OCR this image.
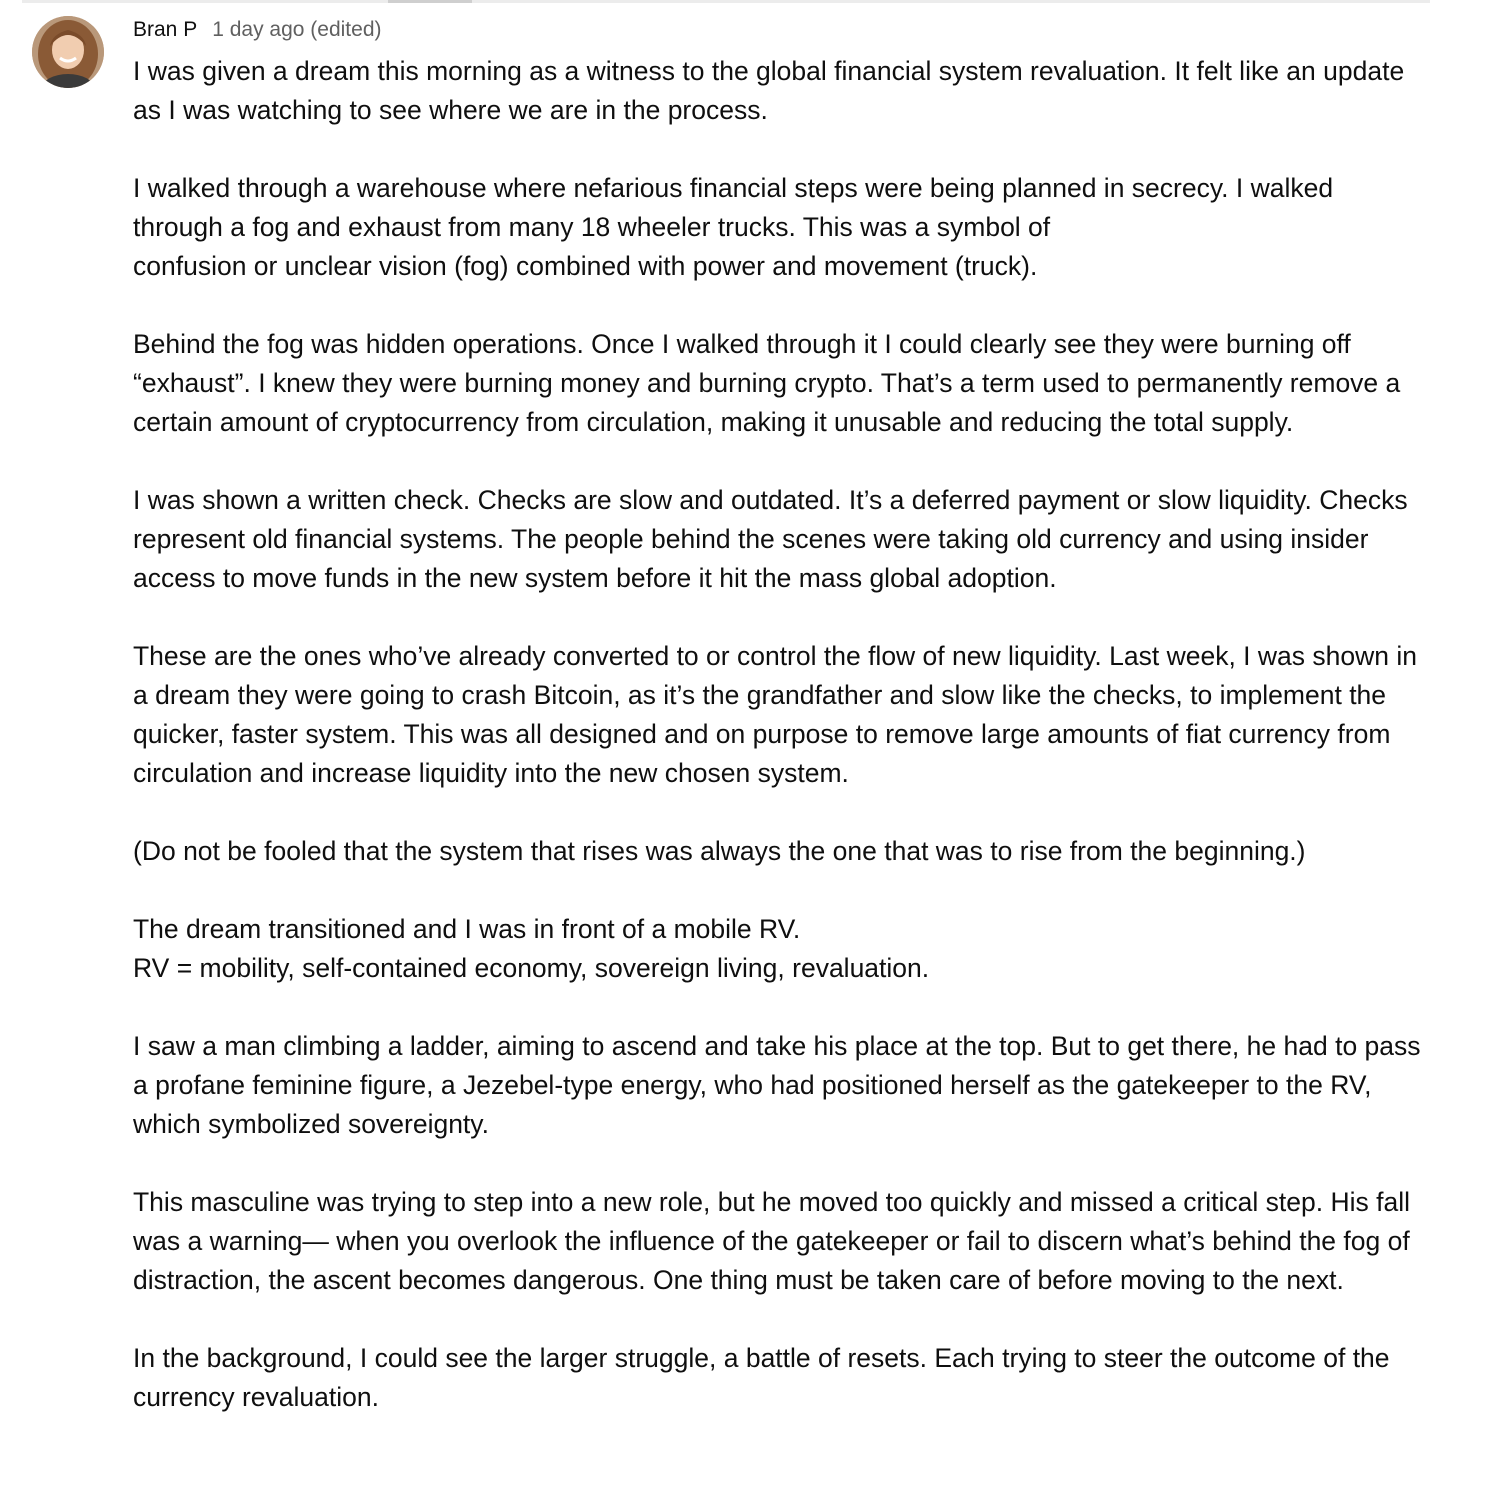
Bran P 1 day ago (edited)

I was given a dream this morning as a witness to the global financial system revaluation. It felt like an update as I was watching to see where we are in the process.

I walked through a warehouse where nefarious financial steps were being planned in secrecy. I walked through a fog and exhaust from many 18 wheeler trucks. This was a symbol of
confusion or unclear vision (fog) combined with power and movement (truck).

Behind the fog was hidden operations. Once I walked through it I could clearly see they were burning off “exhaust”. I knew they were burning money and burning crypto. That’s a term used to permanently remove a certain amount of cryptocurrency from circulation, making it unusable and reducing the total supply.

I was shown a written check. Checks are slow and outdated. It’s a deferred payment or slow liquidity. Checks represent old financial systems. The people behind the scenes were taking old currency and using insider access to move funds in the new system before it hit the mass global adoption.

These are the ones who’ve already converted to or control the flow of new liquidity. Last week, I was shown in a dream they were going to crash Bitcoin, as it’s the grandfather and slow like the checks, to implement the quicker, faster system. This was all designed and on purpose to remove large amounts of fiat currency from circulation and increase liquidity into the new chosen system.

(Do not be fooled that the system that rises was always the one that was to rise from the beginning.)

The dream transitioned and I was in front of a mobile RV.
RV = mobility, self-contained economy, sovereign living, revaluation.

I saw a man climbing a ladder, aiming to ascend and take his place at the top. But to get there, he had to pass a profane feminine figure, a Jezebel-type energy, who had positioned herself as the gatekeeper to the RV, which symbolized sovereignty.

This masculine was trying to step into a new role, but he moved too quickly and missed a critical step. His fall was a warning— when you overlook the influence of the gatekeeper or fail to discern what’s behind the fog of distraction, the ascent becomes dangerous. One thing must be taken care of before moving to the next.

In the background, I could see the larger struggle, a battle of resets. Each trying to steer the outcome of the currency revaluation.
